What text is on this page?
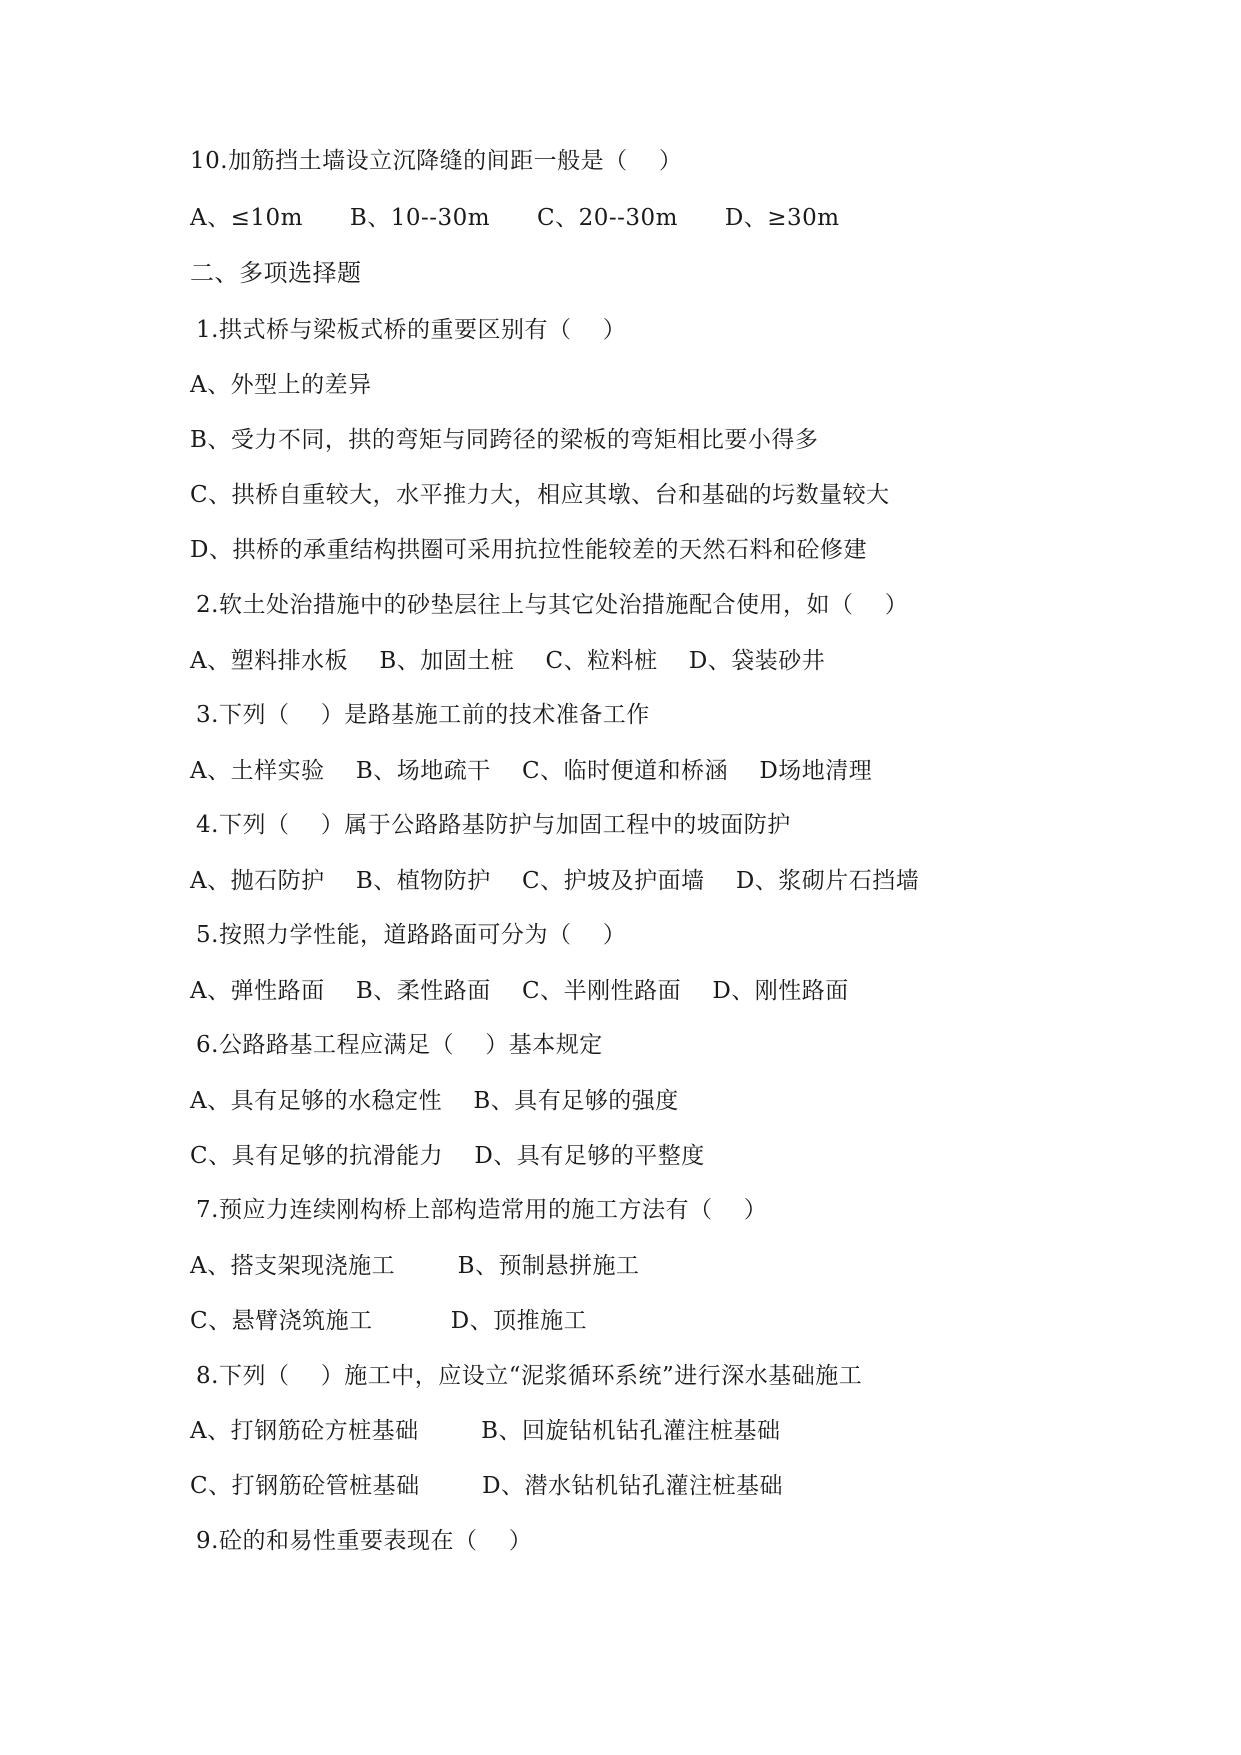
10.加筋挡土墙设立沉降缝的间距一般是（    ）
A、≤10m      B、10--30m      C、20--30m      D、≥30m
二、多项选择题
1.拱式桥与梁板式桥的重要区别有（    ）
A、外型上的差异
B、受力不同，拱的弯矩与同跨径的梁板的弯矩相比要小得多
C、拱桥自重较大，水平推力大，相应其墩、台和基础的圬数量较大
D、拱桥的承重结构拱圈可采用抗拉性能较差的天然石料和砼修建
2.软土处治措施中的砂垫层往上与其它处治措施配合使用，如（    ）
A、塑料排水板    B、加固土桩    C、粒料桩    D、袋装砂井
3.下列（    ）是路基施工前的技术准备工作
A、土样实验    B、场地疏干    C、临时便道和桥涵    D场地清理
4.下列（    ）属于公路路基防护与加固工程中的坡面防护
A、抛石防护    B、植物防护    C、护坡及护面墙    D、浆砌片石挡墙
5.按照力学性能，道路路面可分为（    ）
A、弹性路面    B、柔性路面    C、半刚性路面    D、刚性路面
6.公路路基工程应满足（    ）基本规定
A、具有足够的水稳定性    B、具有足够的强度
C、具有足够的抗滑能力    D、具有足够的平整度
7.预应力连续刚构桥上部构造常用的施工方法有（    ）
A、搭支架现浇施工        B、预制悬拼施工
C、悬臂浇筑施工          D、顶推施工
8.下列（    ）施工中，应设立“泥浆循环系统”进行深水基础施工
A、打钢筋砼方桩基础        B、回旋钻机钻孔灌注桩基础
C、打钢筋砼管桩基础        D、潜水钻机钻孔灌注桩基础
9.砼的和易性重要表现在（    ）
